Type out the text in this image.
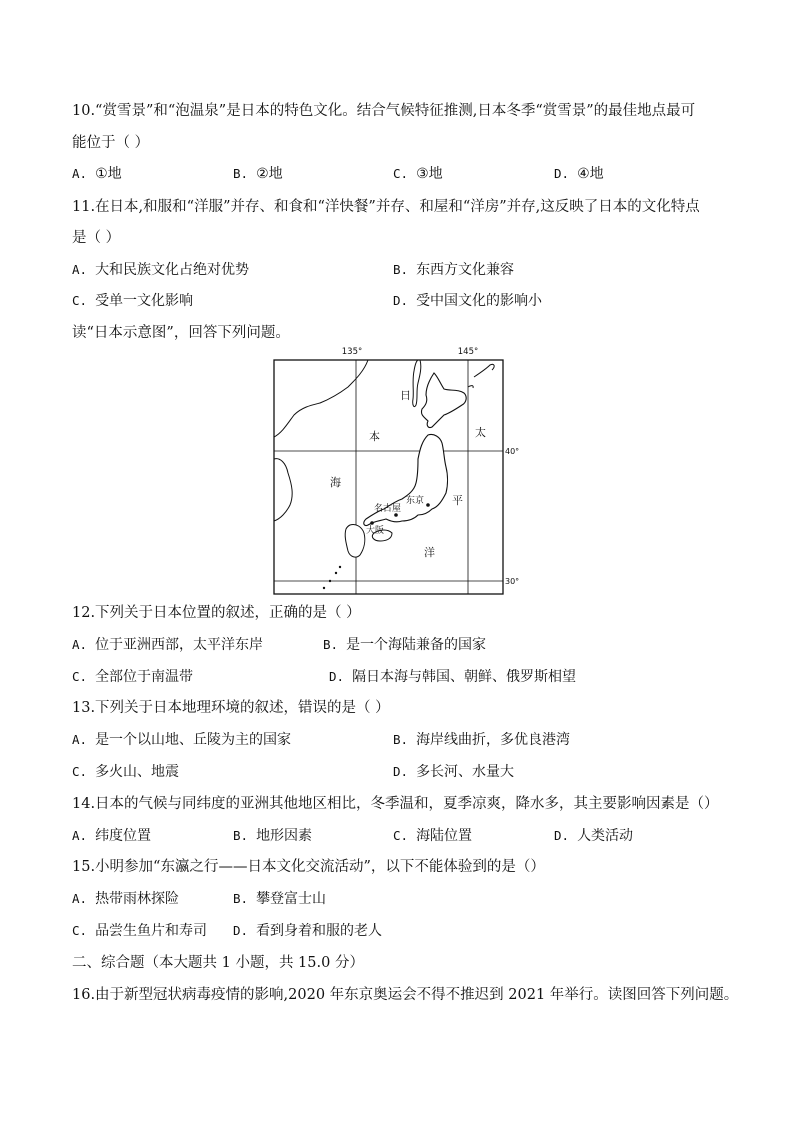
10.“赏雪景”和“泡温泉”是日本的特色文化。结合气候特征推测,日本冬季“赏雪景”的最佳地点最可
能位于（ ）
A. ①地	B. ②地	C. ③地	D. ④地
11.在日本,和服和“洋服”并存、和食和“洋快餐”并存、和屋和“洋房”并存,这反映了日本的文化特点
是（ ）
A. 大和民族文化占绝对优势	B. 东西方文化兼容
C. 受单一文化影响	D. 受中国文化的影响小
读“日本示意图”，回答下列问题。
135°	145°
40°
30°
日
本
海
太
平
洋
名古屋
东京
大阪
12.下列关于日本位置的叙述，正确的是（ ）
A. 位于亚洲西部，太平洋东岸	B. 是一个海陆兼备的国家
C. 全部位于南温带	D. 隔日本海与韩国、朝鲜、俄罗斯相望
13.下列关于日本地理环境的叙述，错误的是（ ）
A. 是一个以山地、丘陵为主的国家	B. 海岸线曲折，多优良港湾
C. 多火山、地震	D. 多长河、水量大
14.日本的气候与同纬度的亚洲其他地区相比，冬季温和，夏季凉爽，降水多，其主要影响因素是（）
A. 纬度位置	B. 地形因素	C. 海陆位置	D. 人类活动
15.小明参加“东瀛之行——日本文化交流活动”，以下不能体验到的是（）
A. 热带雨林探险	B. 攀登富士山
C. 品尝生鱼片和寿司 D. 看到身着和服的老人
二、综合题（本大题共 1 小题，共 15.0 分）
16.由于新型冠状病毒疫情的影响,2020 年东京奥运会不得不推迟到 2021 年举行。读图回答下列问题。
